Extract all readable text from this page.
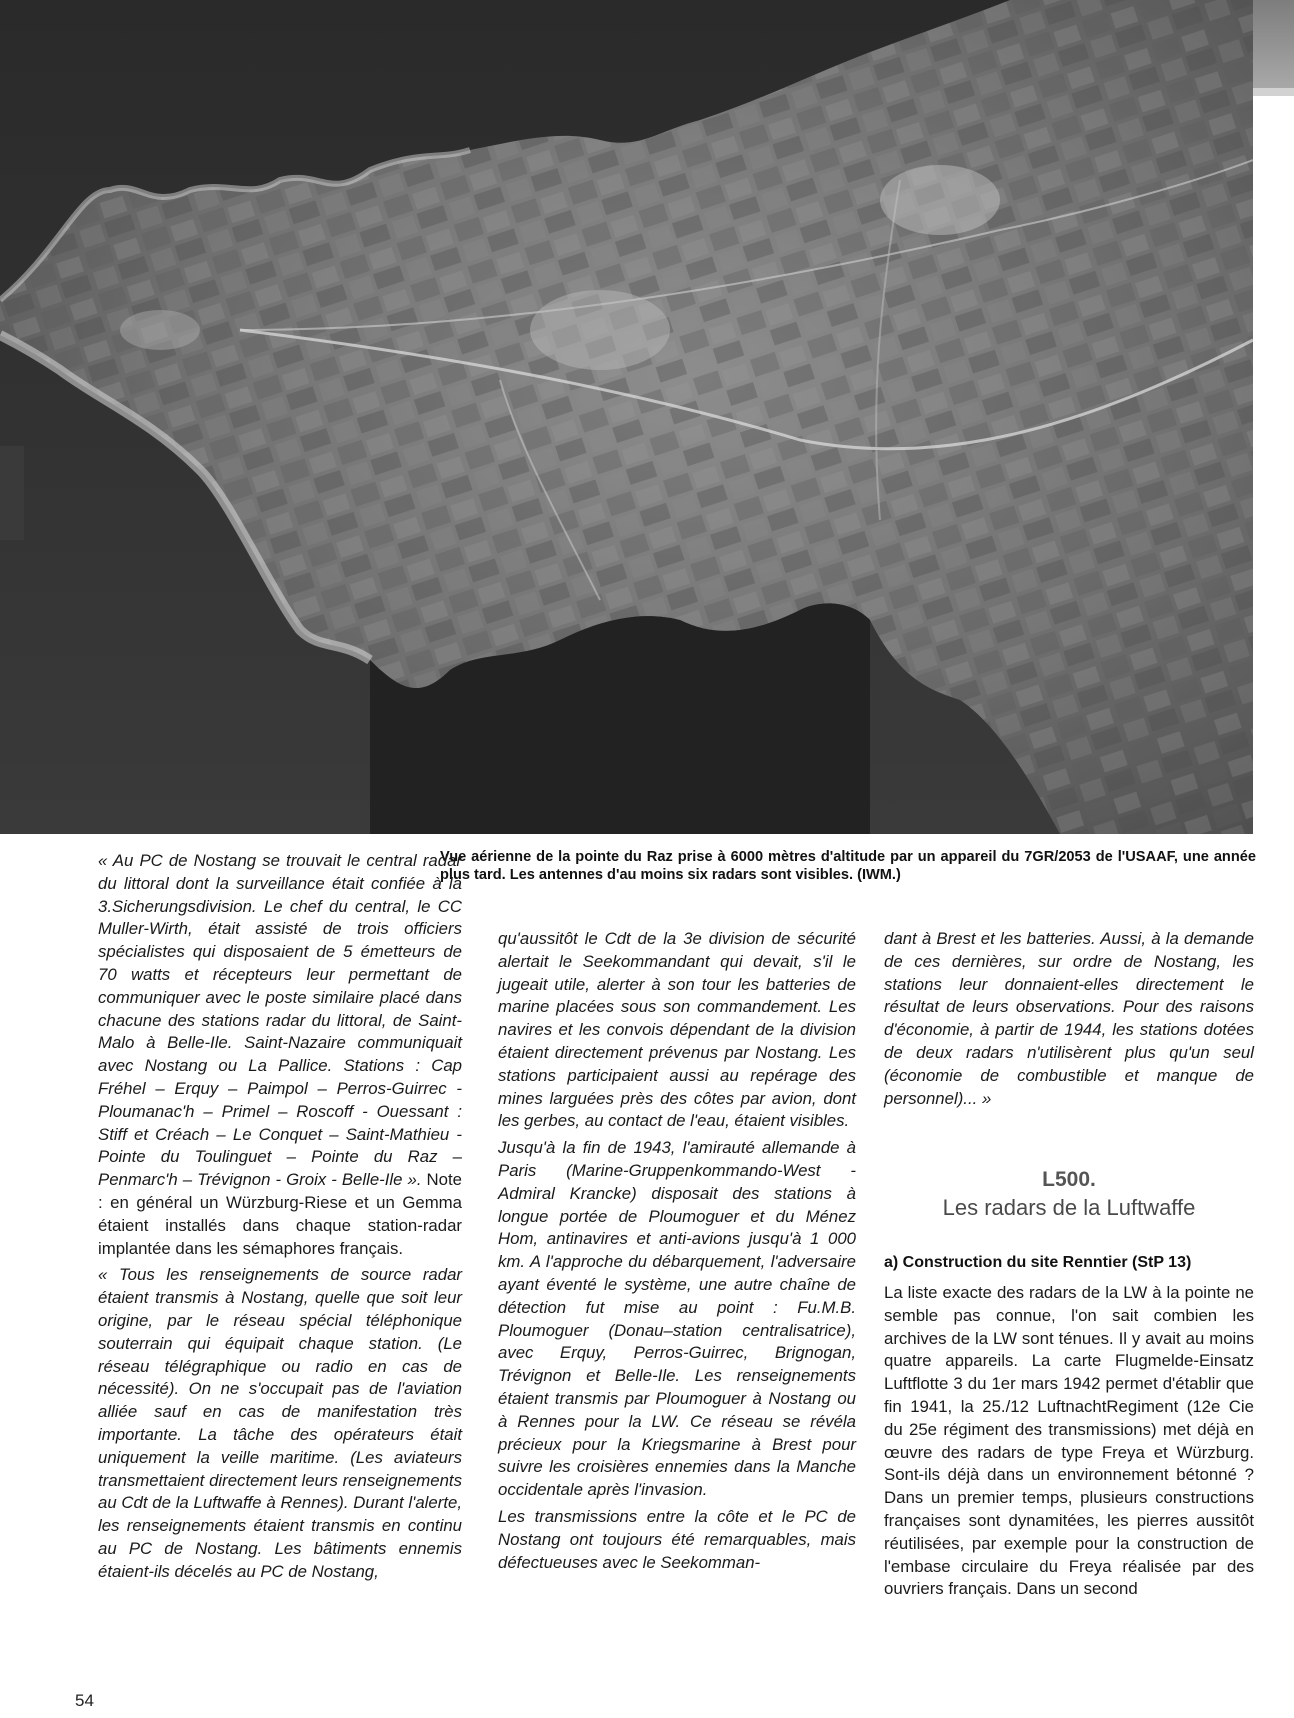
Vue aérienne de la pointe du Raz prise à 6000 mètres d'altitude par un appareil du 7GR/2053 de l'USAAF, une année plus tard. Les antennes d'au moins six radars sont visibles. (IWM.)

« Au PC de Nostang se trouvait le central radar du littoral dont la surveillance était confiée à la 3.Sicherungsdivision. Le chef du central, le CC Muller-Wirth, était assisté de trois officiers spécialistes qui disposaient de 5 émetteurs de 70 watts et récepteurs leur permettant de communiquer avec le poste similaire placé dans chacune des stations radar du littoral, de Saint-Malo à Belle-Ile. Saint-Nazaire communiquait avec Nostang ou La Pallice. Stations : Cap Fréhel – Erquy – Paimpol – Perros-Guirrec - Ploumanac'h – Primel – Roscoff - Ouessant : Stiff et Créach – Le Conquet – Saint-Mathieu - Pointe du Toulinguet – Pointe du Raz – Penmarc'h – Trévignon - Groix - Belle-Ile ». Note : en général un Würzburg-Riese et un Gemma étaient installés dans chaque station-radar implantée dans les sémaphores français.

« Tous les renseignements de source radar étaient transmis à Nostang, quelle que soit leur origine, par le réseau spécial téléphonique souterrain qui équipait chaque station. (Le réseau télégraphique ou radio en cas de nécessité). On ne s'occupait pas de l'aviation alliée sauf en cas de manifestation très importante. La tâche des opérateurs était uniquement la veille maritime. (Les aviateurs transmettaient directement leurs renseignements au Cdt de la Luftwaffe à Rennes). Durant l'alerte, les renseignements étaient transmis en continu au PC de Nostang. Les bâtiments ennemis étaient-ils décelés au PC de Nostang,

qu'aussitôt le Cdt de la 3e division de sécurité alertait le Seekommandant qui devait, s'il le jugeait utile, alerter à son tour les batteries de marine placées sous son commandement. Les navires et les convois dépendant de la division étaient directement prévenus par Nostang. Les stations participaient aussi au repérage des mines larguées près des côtes par avion, dont les gerbes, au contact de l'eau, étaient visibles.

Jusqu'à la fin de 1943, l'amirauté allemande à Paris (Marine-Gruppenkommando-West - Admiral Krancke) disposait des stations à longue portée de Ploumoguer et du Ménez Hom, antinavires et anti-avions jusqu'à 1 000 km. A l'approche du débarquement, l'adversaire ayant éventé le système, une autre chaîne de détection fut mise au point : Fu.M.B. Ploumoguer (Donau–station centralisatrice), avec Erquy, Perros-Guirrec, Brignogan, Trévignon et Belle-Ile. Les renseignements étaient transmis par Ploumoguer à Nostang ou à Rennes pour la LW. Ce réseau se révéla précieux pour la Kriegsmarine à Brest pour suivre les croisières ennemies dans la Manche occidentale après l'invasion.

Les transmissions entre la côte et le PC de Nostang ont toujours été remarquables, mais défectueuses avec le Seekomman-

dant à Brest et les batteries. Aussi, à la demande de ces dernières, sur ordre de Nostang, les stations leur donnaient-elles directement le résultat de leurs observations. Pour des raisons d'économie, à partir de 1944, les stations dotées de deux radars n'utilisèrent plus qu'un seul (économie de combustible et manque de personnel)... »

L500.
Les radars de la Luftwaffe
a) Construction du site Renntier (StP 13)

La liste exacte des radars de la LW à la pointe ne semble pas connue, l'on sait combien les archives de la LW sont ténues. Il y avait au moins quatre appareils. La carte Flugmelde-Einsatz Luftflotte 3 du 1er mars 1942 permet d'établir que fin 1941, la 25./12 LuftnachtRegiment (12e Cie du 25e régiment des transmissions) met déjà en œuvre des radars de type Freya et Würzburg. Sont-ils déjà dans un environnement bétonné ? Dans un premier temps, plusieurs constructions françaises sont dynamitées, les pierres aussitôt réutilisées, par exemple pour la construction de l'embase circulaire du Freya réalisée par des ouvriers français. Dans un second

54
